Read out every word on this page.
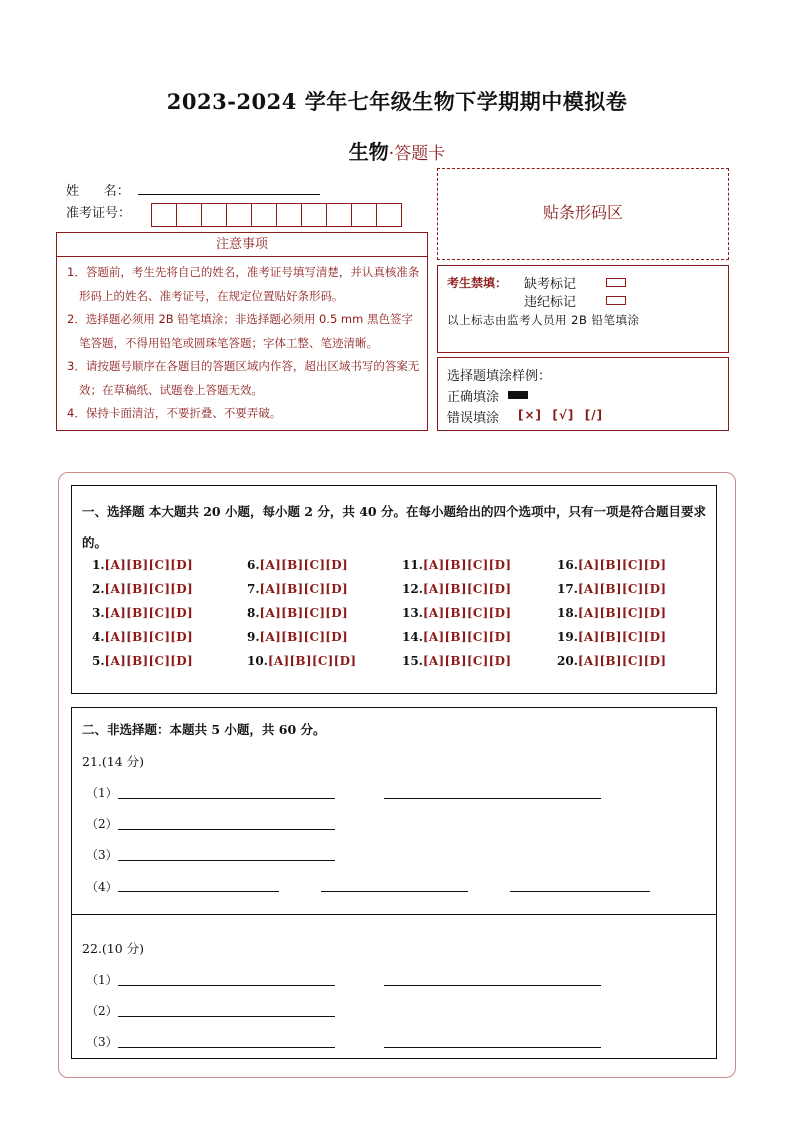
2023-2024 学年七年级生物下学期期中模拟卷
生物·答题卡
姓      名：
准考证号：
注意事项
1．答题前，考生先将自己的姓名，准考证号填写清楚，并认真核准条形码上的姓名、准考证号，在规定位置贴好条形码。
2．选择题必须用 2B 铅笔填涂；非选择题必须用 0.5 mm 黑色签字笔答题，不得用铅笔或圆珠笔答题；字体工整、笔迹清晰。
3．请按题号顺序在各题目的答题区域内作答，超出区域书写的答案无效；在草稿纸、试题卷上答题无效。
4．保持卡面清洁，不要折叠、不要弄破。
贴条形码区
考生禁填： 缺考标记
违纪标记
以上标志由监考人员用 2B 铅笔填涂
选择题填涂样例：
正确填涂
错误填涂 [×]  [√]  [/]
一、选择题 本大题共 20 小题，每小题 2 分，共 40 分。在每小题给出的四个选项中，只有一项是符合题目要求的。
1.[A][B][C][D]
2.[A][B][C][D]
3.[A][B][C][D]
4.[A][B][C][D]
5.[A][B][C][D]
6.[A][B][C][D]
7.[A][B][C][D]
8.[A][B][C][D]
9.[A][B][C][D]
10.[A][B][C][D]
11.[A][B][C][D]
12.[A][B][C][D]
13.[A][B][C][D]
14.[A][B][C][D]
15.[A][B][C][D]
16.[A][B][C][D]
17.[A][B][C][D]
18.[A][B][C][D]
19.[A][B][C][D]
20.[A][B][C][D]
二、非选择题：本题共 5 小题，共 60 分。
21.(14 分)
（1）
（2）
（3）
（4）
22.(10 分)
（1）
（2）
（3）
